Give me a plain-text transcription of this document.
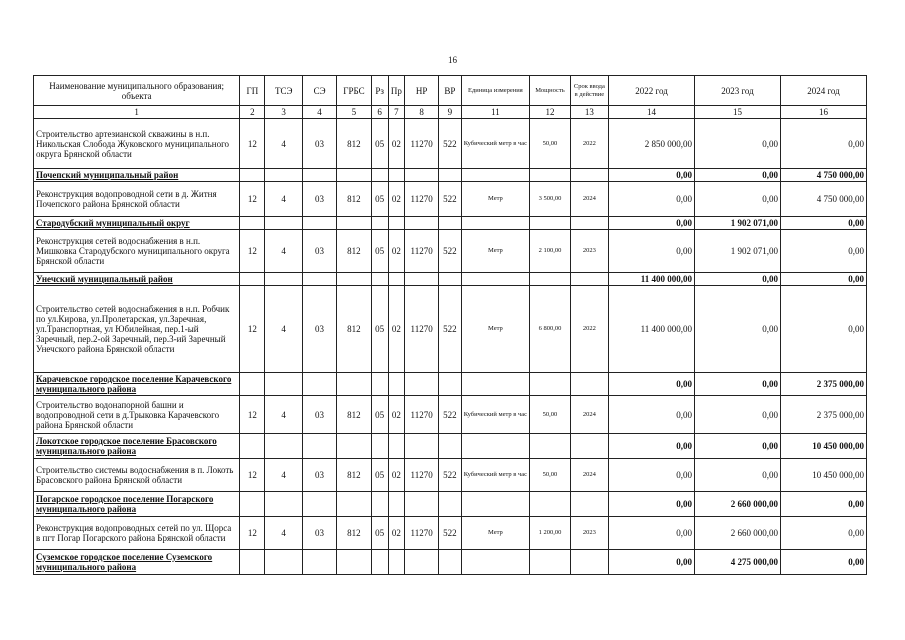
16
Наименование муниципального образования; объекта	ГП	ТСЭ	СЭ	ГРБС	Рз	Пр	НР	ВР	Единица измерения	Мощность	Срок ввода в действие	2022 год	2023 год	2024 год
1	2	3	4	5	6	7	8	9	11	12	13	14	15	16
Строительство артезианской скважины в н.п. Никольская Слобода Жуковского муниципального округа Брянской области	12	4	03	812	05	02	11270	522	Кубический метр в час	50,00	2022	2 850 000,00	0,00	0,00
Почепский муниципальный район												0,00	0,00	4 750 000,00
Реконструкция водопроводной сети в д. Житня Почепского района Брянской области	12	4	03	812	05	02	11270	522	Метр	3 500,00	2024	0,00	0,00	4 750 000,00
Стародубский муниципальный округ												0,00	1 902 071,00	0,00
Реконструкция сетей водоснабжения в н.п. Мишковка Стародубского муниципального округа Брянской области	12	4	03	812	05	02	11270	522	Метр	2 100,00	2023	0,00	1 902 071,00	0,00
Унечский муниципальный район												11 400 000,00	0,00	0,00
Строительство сетей водоснабжения в н.п. Робчик по ул.Кирова, ул.Пролетарская, ул.Заречная, ул.Транспортная, ул Юбилейная, пер.1-ый Заречный, пер.2-ой Заречный, пер.3-ий Заречный Унечского района Брянской области	12	4	03	812	05	02	11270	522	Метр	6 800,00	2022	11 400 000,00	0,00	0,00
Карачевское городское поселение Карачевского муниципального района												0,00	0,00	2 375 000,00
Строительство водонапорной башни и водопроводной сети в д.Трыковка Карачевского района Брянской области	12	4	03	812	05	02	11270	522	Кубический метр в час	50,00	2024	0,00	0,00	2 375 000,00
Локотское городское поселение Брасовского муниципального района												0,00	0,00	10 450 000,00
Строительство системы водоснабжения в п. Локоть Брасовского района Брянской области	12	4	03	812	05	02	11270	522	Кубический метр в час	50,00	2024	0,00	0,00	10 450 000,00
Погарское городское поселение Погарского муниципального района												0,00	2 660 000,00	0,00
Реконструкция водопроводных сетей по ул. Щорса в пгт Погар Погарского района Брянской области	12	4	03	812	05	02	11270	522	Метр	1 200,00	2023	0,00	2 660 000,00	0,00
Суземское городское поселение Суземского муниципального района												0,00	4 275 000,00	0,00
